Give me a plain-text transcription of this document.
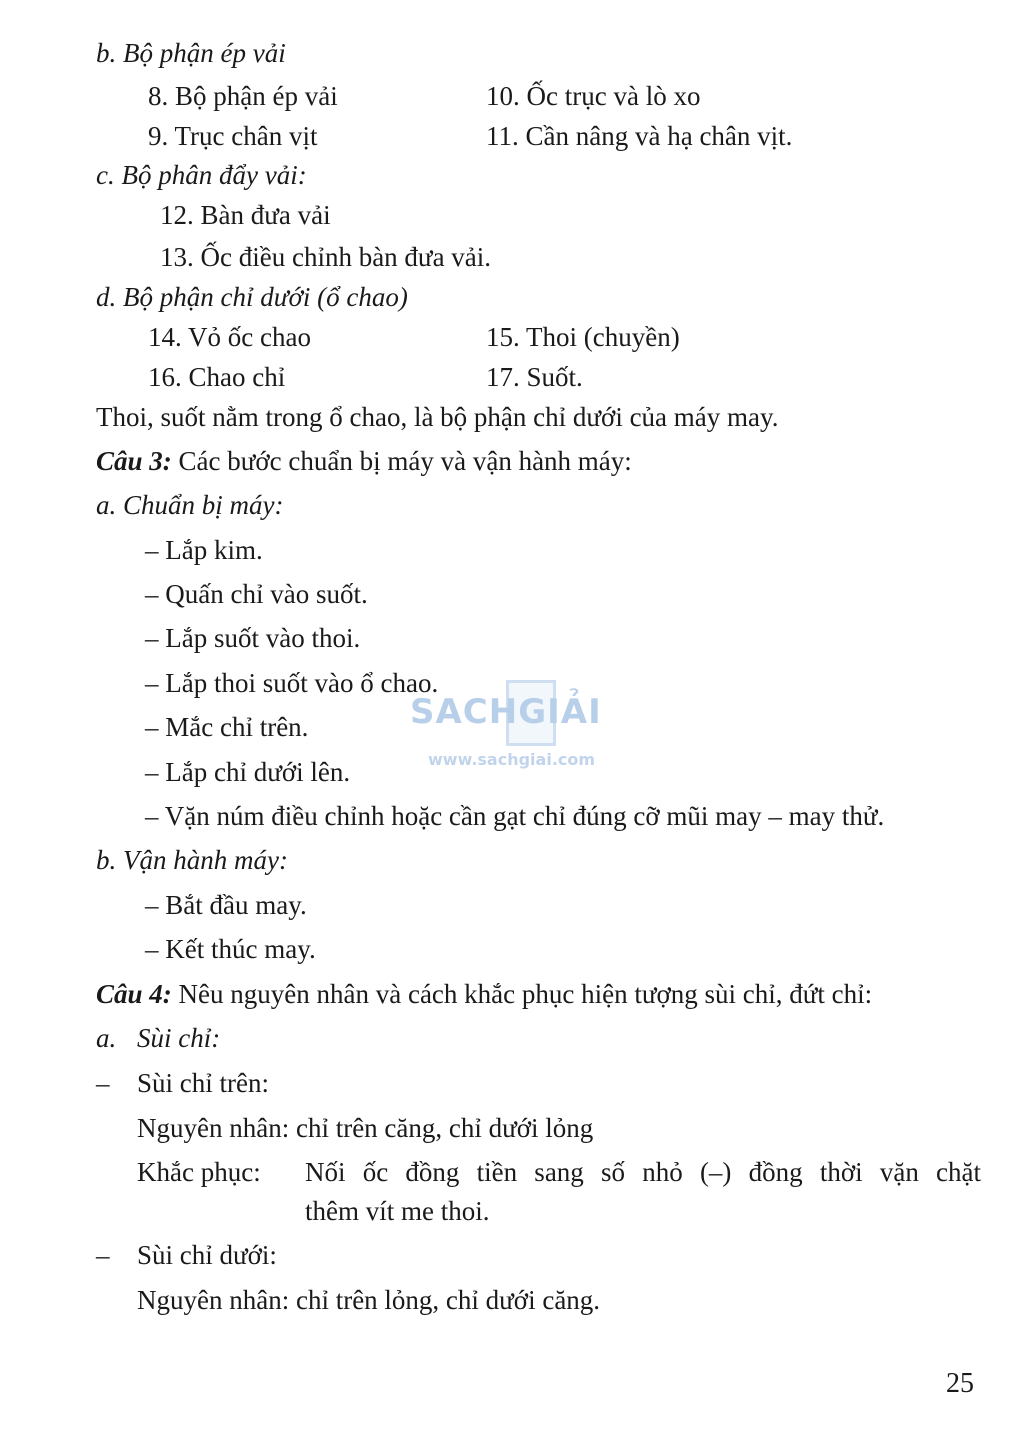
b. Bộ phận ép vải
8. Bộ phận ép vải	10. Ốc trục và lò xo
9. Trục chân vịt	11. Cần nâng và hạ chân vịt.
c. Bộ phân đẩy vải:
12. Bàn đưa vải
13. Ốc điều chỉnh bàn đưa vải.
d. Bộ phận chỉ dưới (ổ chao)
14. Vỏ ốc chao	15. Thoi (chuyền)
16. Chao chỉ	17. Suốt.
Thoi, suốt nằm trong ổ chao, là bộ phận chỉ dưới của máy may.
Câu 3: Các bước chuẩn bị máy và vận hành máy:
a. Chuẩn bị máy:
– Lắp kim.
– Quấn chỉ vào suốt.
– Lắp suốt vào thoi.
– Lắp thoi suốt vào ổ chao.
– Mắc chỉ trên.
– Lắp chỉ dưới lên.
– Vặn núm điều chỉnh hoặc cần gạt chỉ đúng cỡ mũi may – may thử.
b. Vận hành máy:
– Bắt đầu may.
– Kết thúc may.
Câu 4: Nêu nguyên nhân và cách khắc phục hiện tượng sùi chỉ, đứt chỉ:
a. Sùi chỉ:
– Sùi chỉ trên:
Nguyên nhân: chỉ trên căng, chỉ dưới lỏng
Khắc phục: Nối ốc đồng tiền sang số nhỏ (–) đồng thời vặn chặt
thêm vít me thoi.
– Sùi chỉ dưới:
Nguyên nhân: chỉ trên lỏng, chỉ dưới căng.
SACHGIẢI
www.sachgiai.com
25
